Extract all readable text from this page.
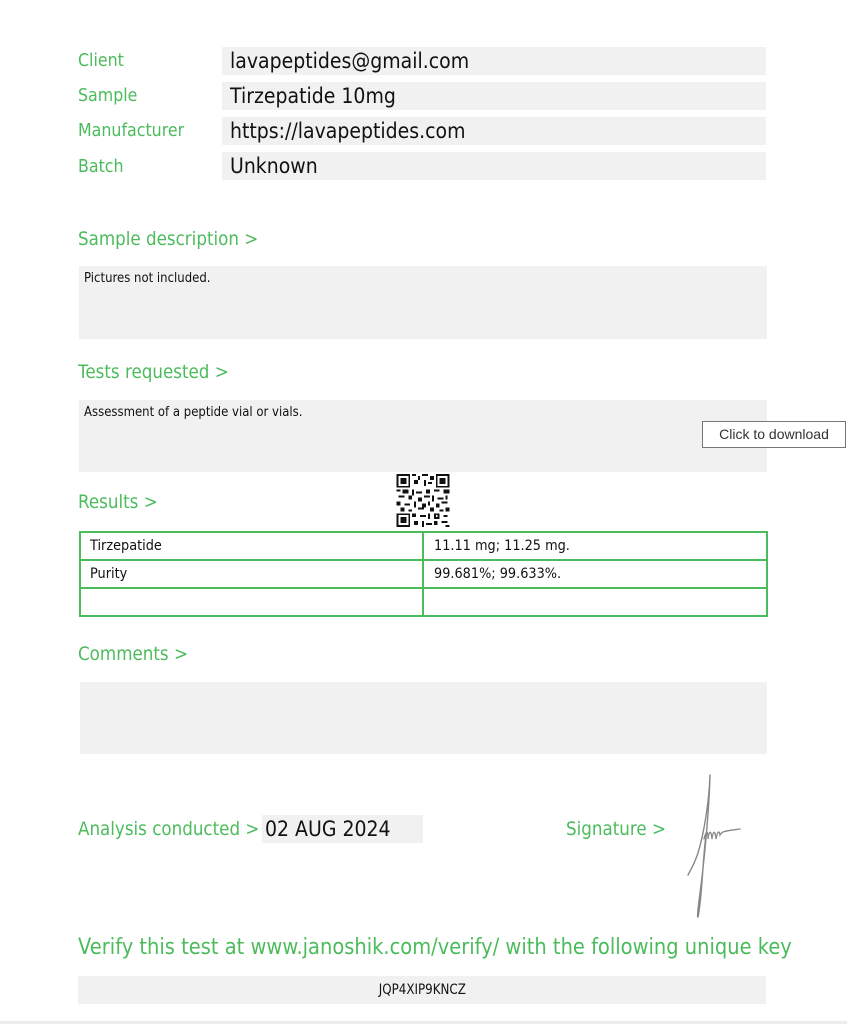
Client	lavapeptides@gmail.com
Sample	Tirzepatide 10mg
Manufacturer	https://lavapeptides.com
Batch	Unknown
Sample description >
Pictures not included.
Tests requested >
Assessment of a peptide vial or vials.
Click to download
Results >
Tirzepatide	11.11 mg; 11.25 mg.
Purity	99.681%; 99.633%.

Comments >
Analysis conducted > 02 AUG 2024	Signature >
Verify this test at www.janoshik.com/verify/ with the following unique key
JQP4XIP9KNCZ
